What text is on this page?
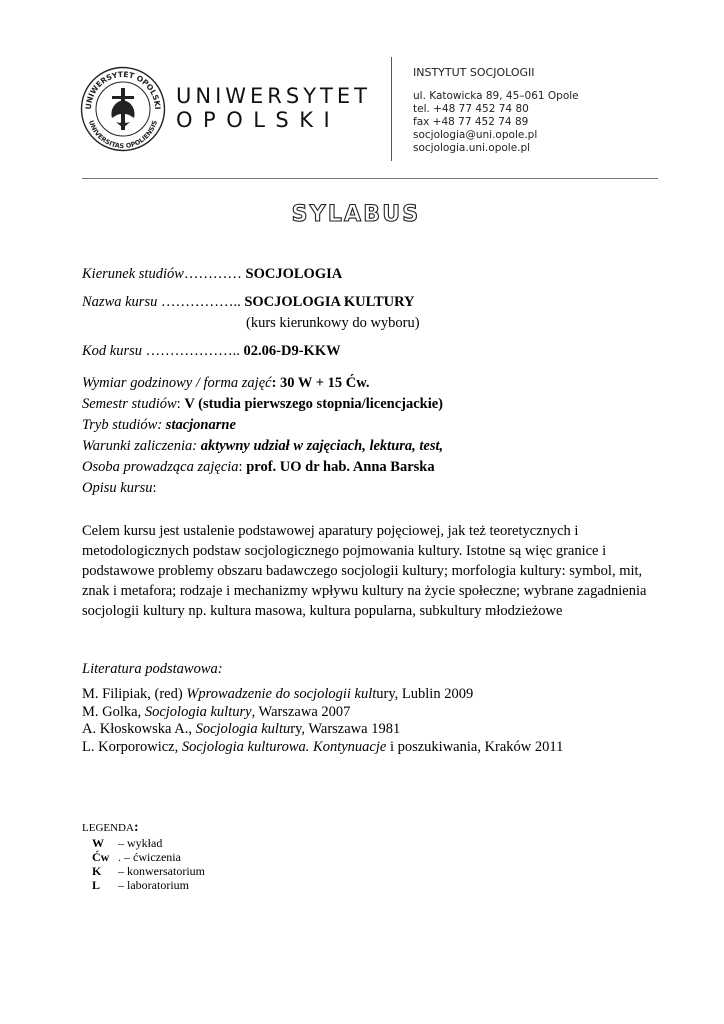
UNIWERSYTET OPOLSKI
UNIVERSITAS OPOLIENSIS
UNIWERSYTET
OPOLSKI
INSTYTUT SOCJOLOGII
ul. Katowicka 89, 45–061 Opole
tel. +48 77 452 74 80
fax +48 77 452 74 89
socjologia@uni.opole.pl
socjologia.uni.opole.pl
SYLABUS
Kierunek studiów………… SOCJOLOGIA
Nazwa kursu …………….. SOCJOLOGIA KULTURY
(kurs kierunkowy do wyboru)
Kod kursu ……………….. 02.06-D9-KKW
Wymiar godzinowy / forma zajęć: 30 W + 15 Ćw.
Semestr studiów: V (studia pierwszego stopnia/licencjackie)
Tryb studiów: stacjonarne
Warunki zaliczenia: aktywny udział w zajęciach, lektura, test,
Osoba prowadząca zajęcia: prof. UO dr hab. Anna Barska
Opisu kursu:
Celem kursu jest ustalenie podstawowej aparatury pojęciowej, jak też teoretycznych i
metodologicznych podstaw socjologicznego pojmowania kultury. Istotne są więc granice i
podstawowe problemy obszaru badawczego socjologii kultury; morfologia kultury: symbol, mit,
znak i metafora; rodzaje i mechanizmy wpływu kultury na życie społeczne; wybrane zagadnienia
socjologii kultury np. kultura masowa, kultura popularna, subkultury młodzieżowe
Literatura podstawowa:
M. Filipiak, (red) Wprowadzenie do socjologii kultury, Lublin 2009
M. Golka, Socjologia kultury, Warszawa 2007
A. Kłoskowska A., Socjologia kultury, Warszawa 1981
L. Korporowicz, Socjologia kulturowa. Kontynuacje i poszukiwania, Kraków 2011
LEGENDA:
W – wykład
Ćw . – ćwiczenia
K – konwersatorium
L – laboratorium
